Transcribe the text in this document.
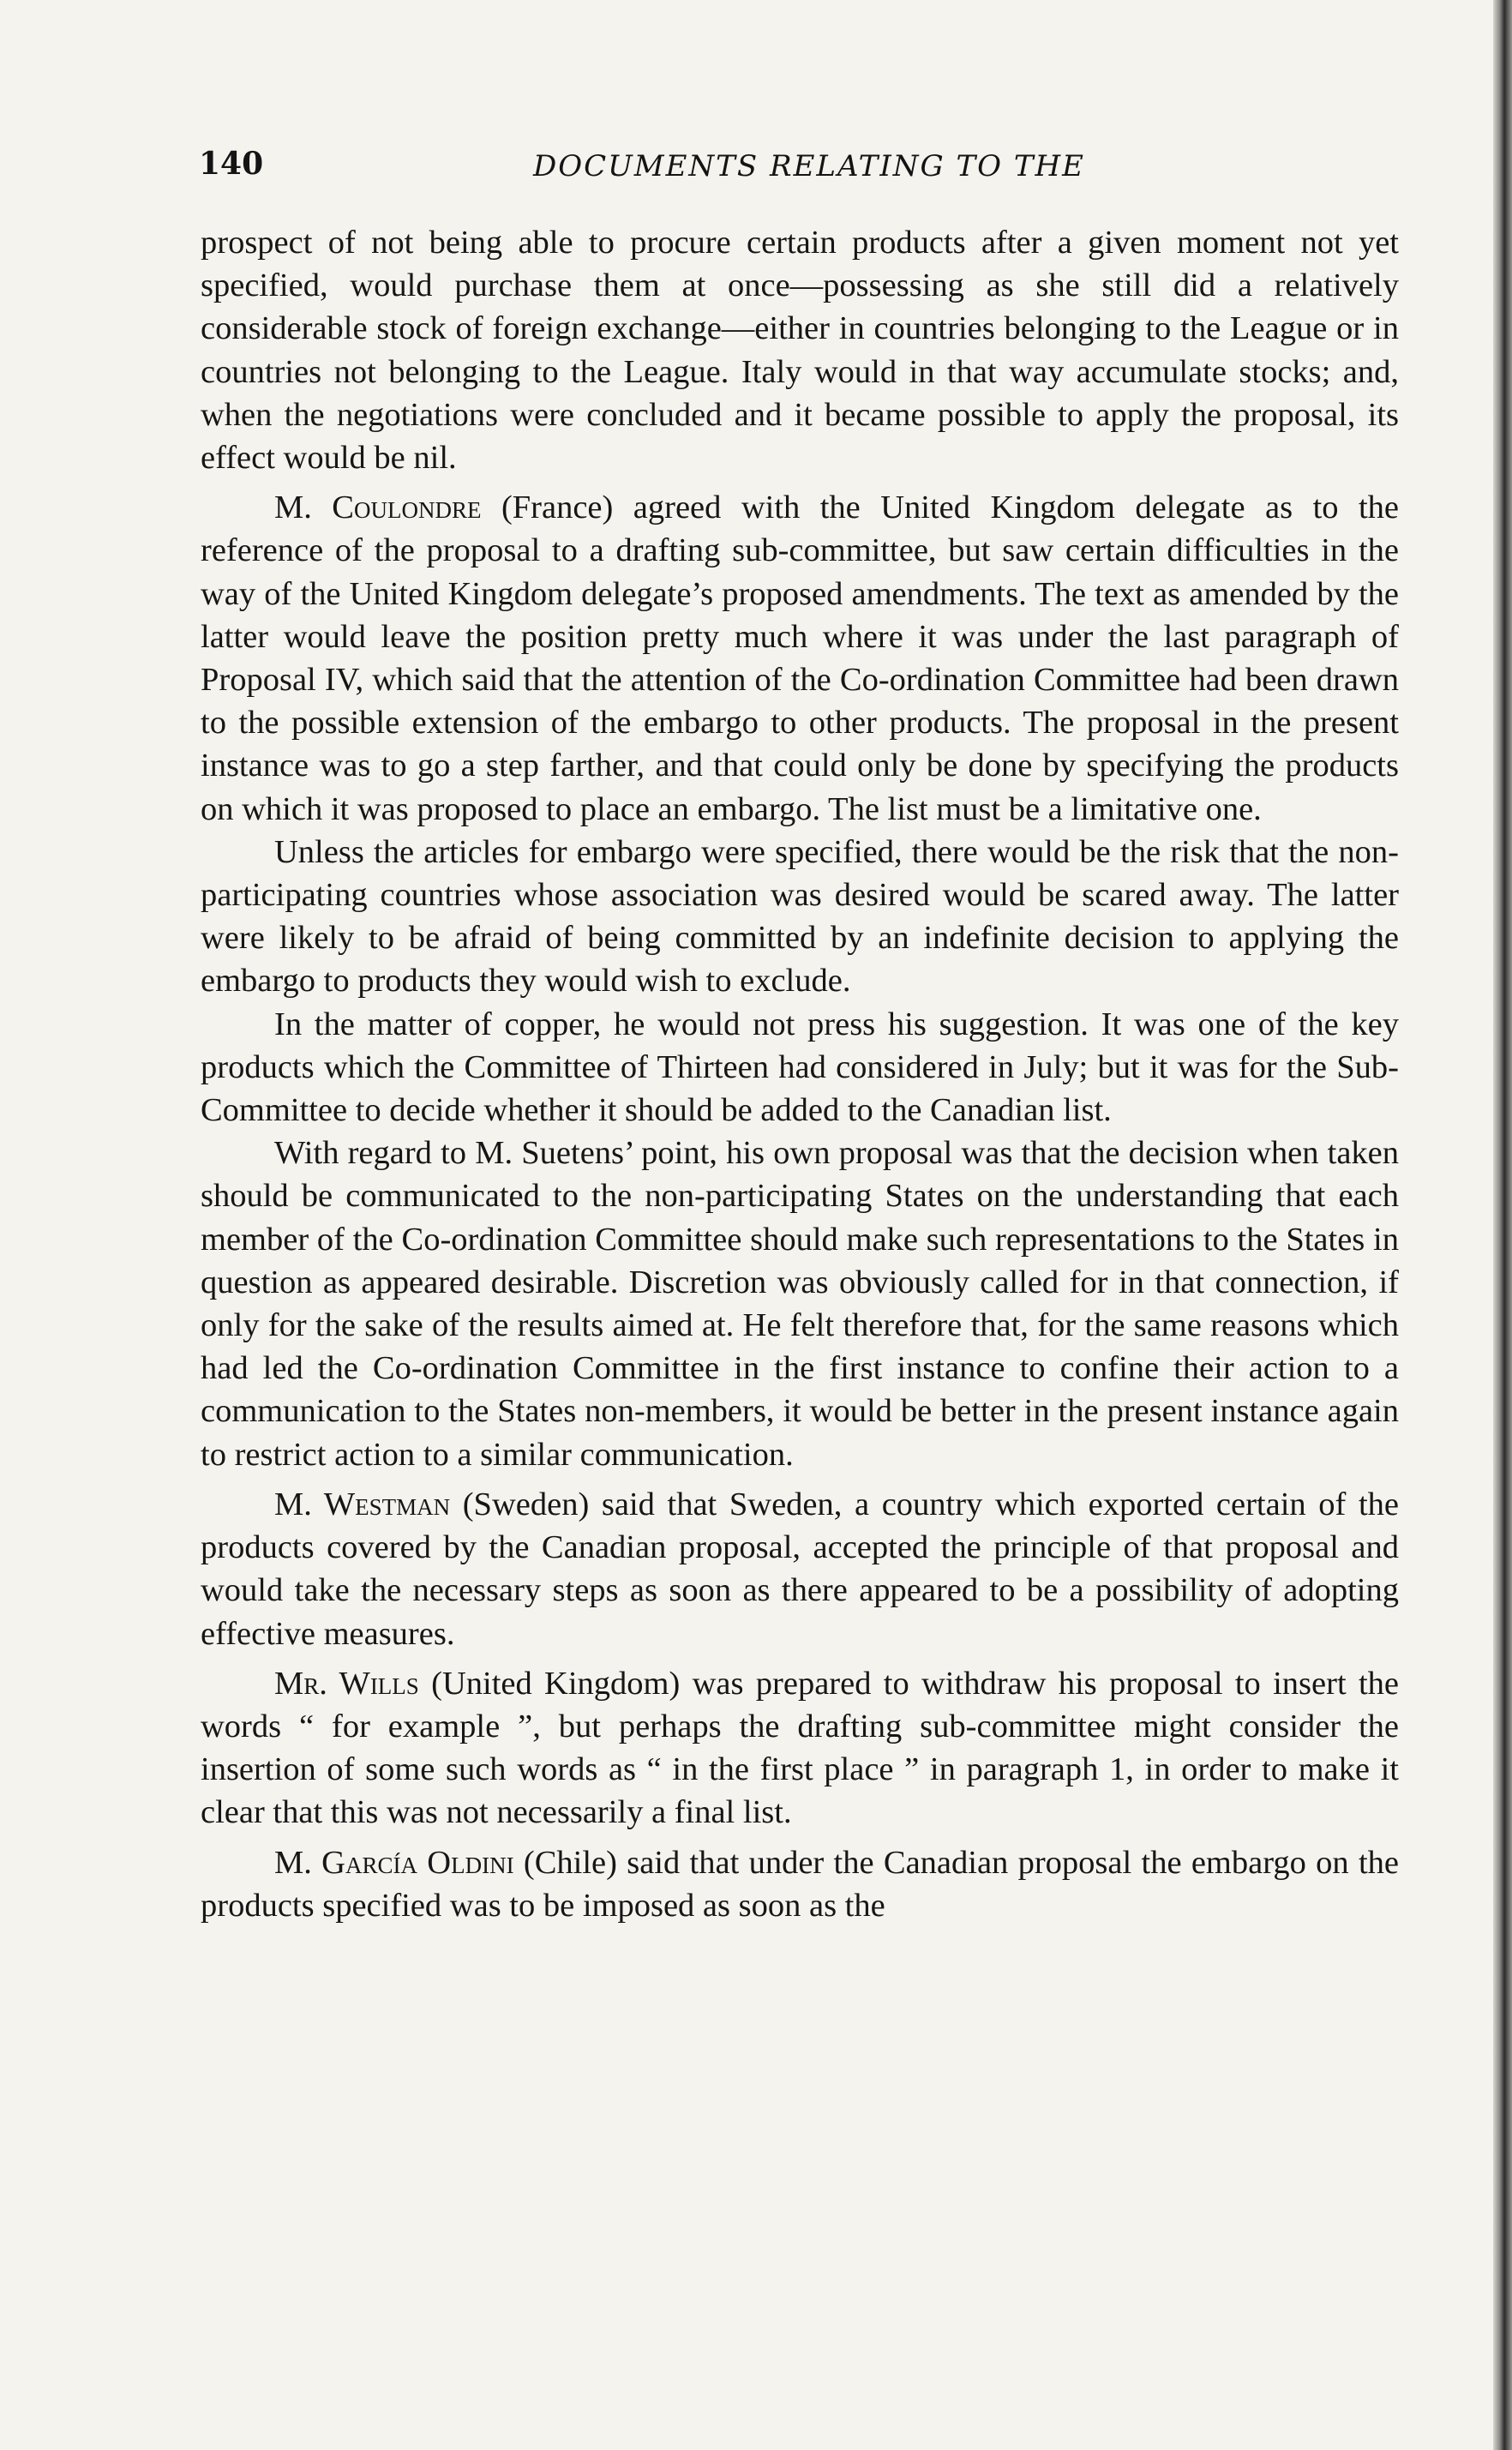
140	DOCUMENTS RELATING TO THE

prospect of not being able to procure certain products after a given moment not yet specified, would purchase them at once—possessing as she still did a relatively considerable stock of foreign exchange—either in countries belonging to the League or in countries not belonging to the League. Italy would in that way accumulate stocks; and, when the negotiations were concluded and it became possible to apply the proposal, its effect would be nil.

M. Coulondre (France) agreed with the United Kingdom delegate as to the reference of the proposal to a drafting sub-committee, but saw certain difficulties in the way of the United Kingdom delegate’s proposed amendments. The text as amended by the latter would leave the position pretty much where it was under the last paragraph of Proposal IV, which said that the attention of the Co-ordination Committee had been drawn to the possible extension of the embargo to other products. The proposal in the present instance was to go a step farther, and that could only be done by specifying the products on which it was proposed to place an embargo. The list must be a limitative one.

Unless the articles for embargo were specified, there would be the risk that the non-participating countries whose association was desired would be scared away. The latter were likely to be afraid of being committed by an indefinite decision to applying the embargo to products they would wish to exclude.

In the matter of copper, he would not press his suggestion. It was one of the key products which the Committee of Thirteen had considered in July; but it was for the Sub-Committee to decide whether it should be added to the Canadian list.

With regard to M. Suetens’ point, his own proposal was that the decision when taken should be communicated to the non-participating States on the understanding that each member of the Co-ordination Committee should make such representations to the States in question as appeared desirable. Discretion was obviously called for in that connection, if only for the sake of the results aimed at. He felt therefore that, for the same reasons which had led the Co-ordination Committee in the first instance to confine their action to a communication to the States non-members, it would be better in the present instance again to restrict action to a similar communication.

M. Westman (Sweden) said that Sweden, a country which exported certain of the products covered by the Canadian proposal, accepted the principle of that proposal and would take the necessary steps as soon as there appeared to be a possibility of adopting effective measures.

Mr. Wills (United Kingdom) was prepared to withdraw his proposal to insert the words “ for example ”, but perhaps the drafting sub-committee might consider the insertion of some such words as “ in the first place ” in paragraph 1, in order to make it clear that this was not necessarily a final list.

M. García Oldini (Chile) said that under the Canadian proposal the embargo on the products specified was to be imposed as soon as the
